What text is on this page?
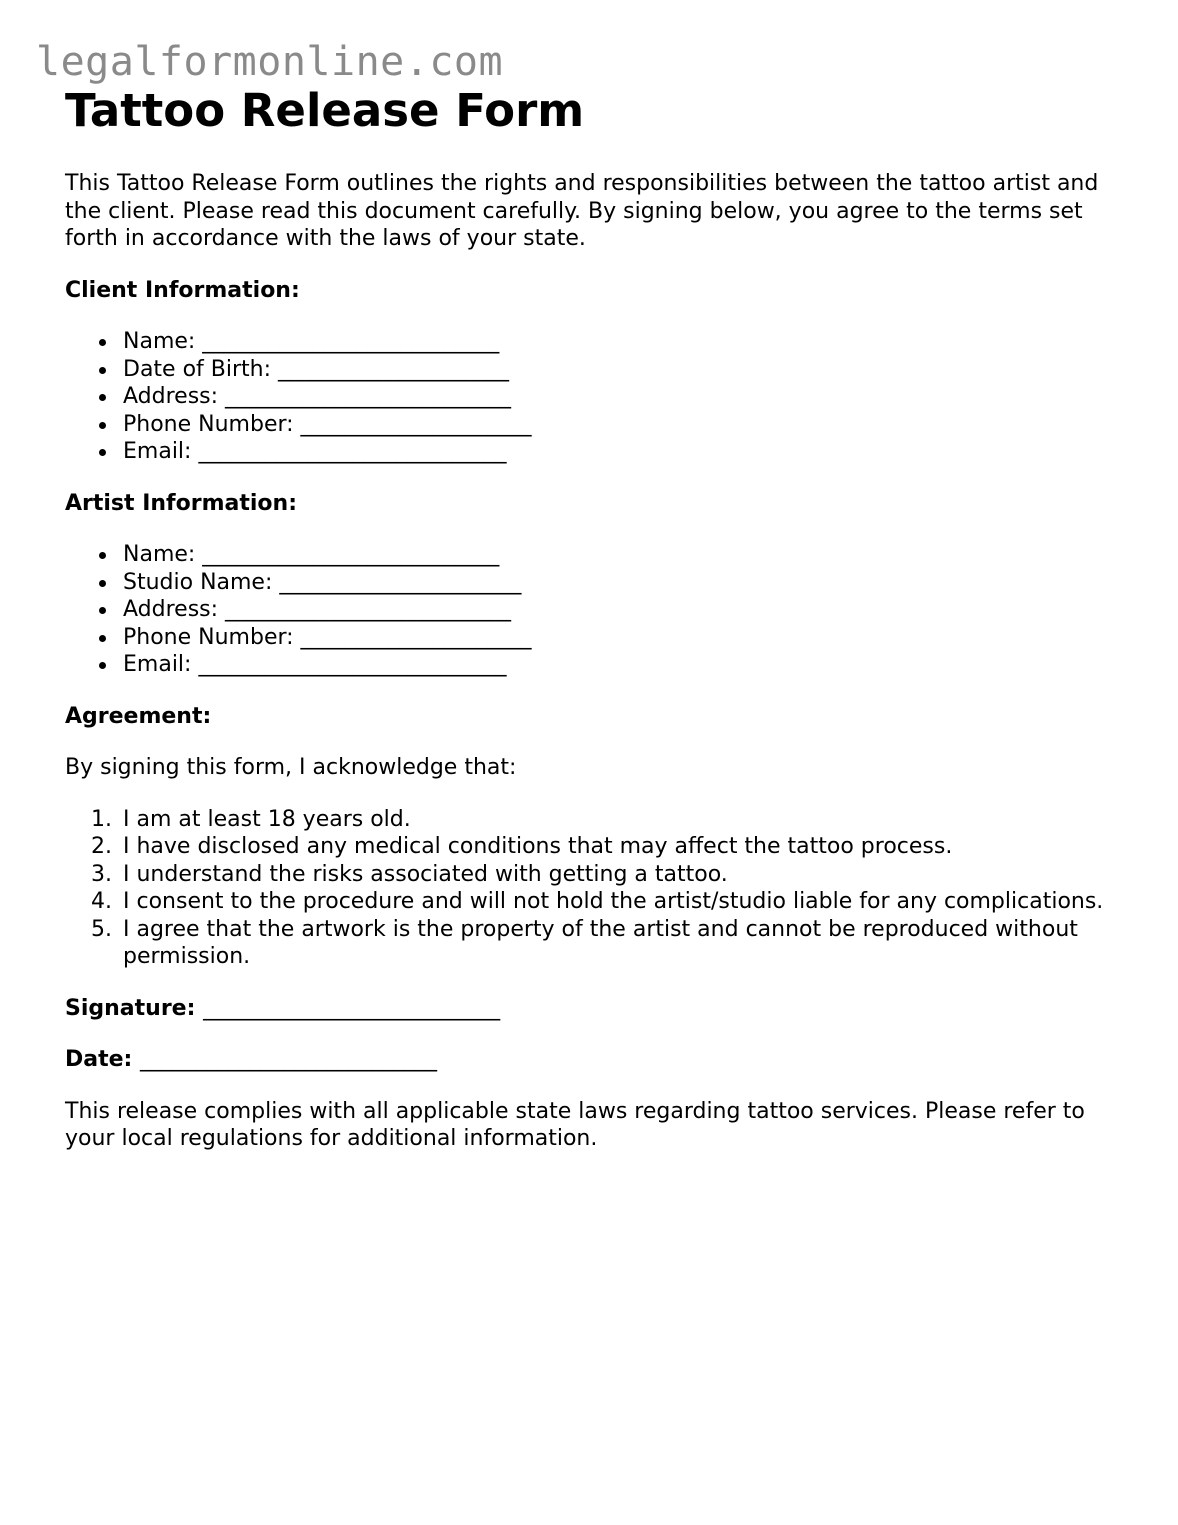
legalformonline.com
Tattoo Release Form

This Tattoo Release Form outlines the rights and responsibilities between the tattoo artist and the client. Please read this document carefully. By signing below, you agree to the terms set forth in accordance with the laws of your state.

Client Information:

Name: ___________________________
Date of Birth: _____________________
Address: __________________________
Phone Number: _____________________
Email: ____________________________

Artist Information:

Name: ___________________________
Studio Name: ______________________
Address: __________________________
Phone Number: _____________________
Email: ____________________________

Agreement:

By signing this form, I acknowledge that:

1. I am at least 18 years old.
2. I have disclosed any medical conditions that may affect the tattoo process.
3. I understand the risks associated with getting a tattoo.
4. I consent to the procedure and will not hold the artist/studio liable for any complications.
5. I agree that the artwork is the property of the artist and cannot be reproduced without permission.

Signature: ___________________________

Date: ___________________________

This release complies with all applicable state laws regarding tattoo services. Please refer to your local regulations for additional information.
